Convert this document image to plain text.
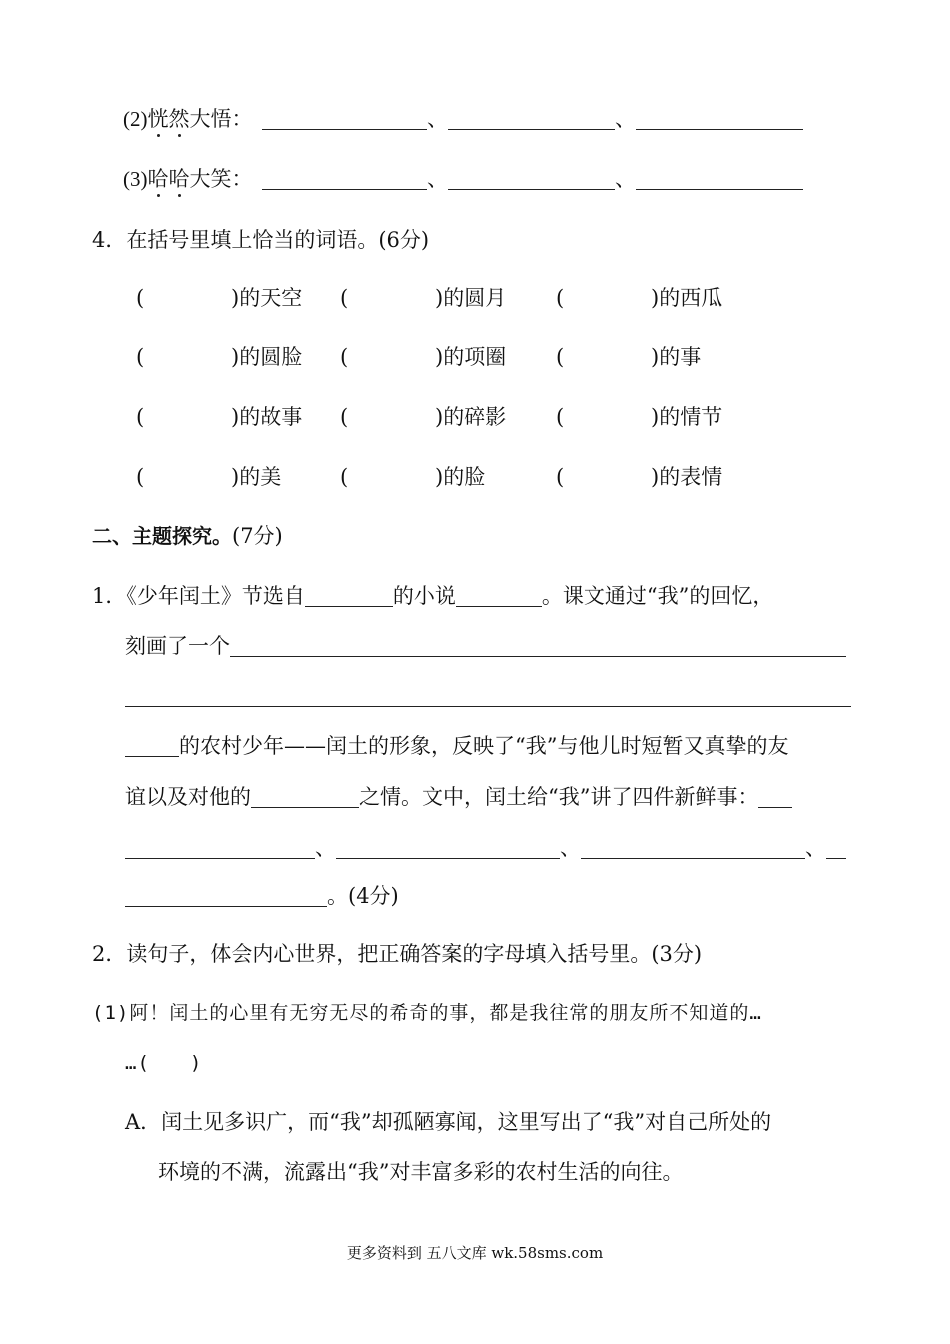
(2)恍然大悟：	、	、
(3)哈哈大笑：	、	、
4．在括号里填上恰当的词语。(6分)
(	)的天空 (	)的圆月 (	)的西瓜
(	)的圆脸 (	)的项圈 (	)的事
(	)的故事 (	)的碎影 (	)的情节
(	)的美	(	)的脸	(	)的表情
二、主题探究。(7分)
1．《少年闰土》节选自	的小说	。课文通过“我”的回忆，
刻画了一个
的农村少年——闰土的形象，反映了“我”与他儿时短暂又真挚的友
谊以及对他的	之情。文中，闰土给“我”讲了四件新鲜事：
、	、	、
。(4分)
2．读句子，体会内心世界，把正确答案的字母填入括号里。(3分)
(1)阿！闰土的心里有无穷无尽的希奇的事，都是我往常的朋友所不知道的…
…(　　)
A．闰土见多识广，而“我”却孤陋寡闻，这里写出了“我”对自己所处的
环境的不满，流露出“我”对丰富多彩的农村生活的向往。
更多资料到 五八文库 wk.58sms.com
